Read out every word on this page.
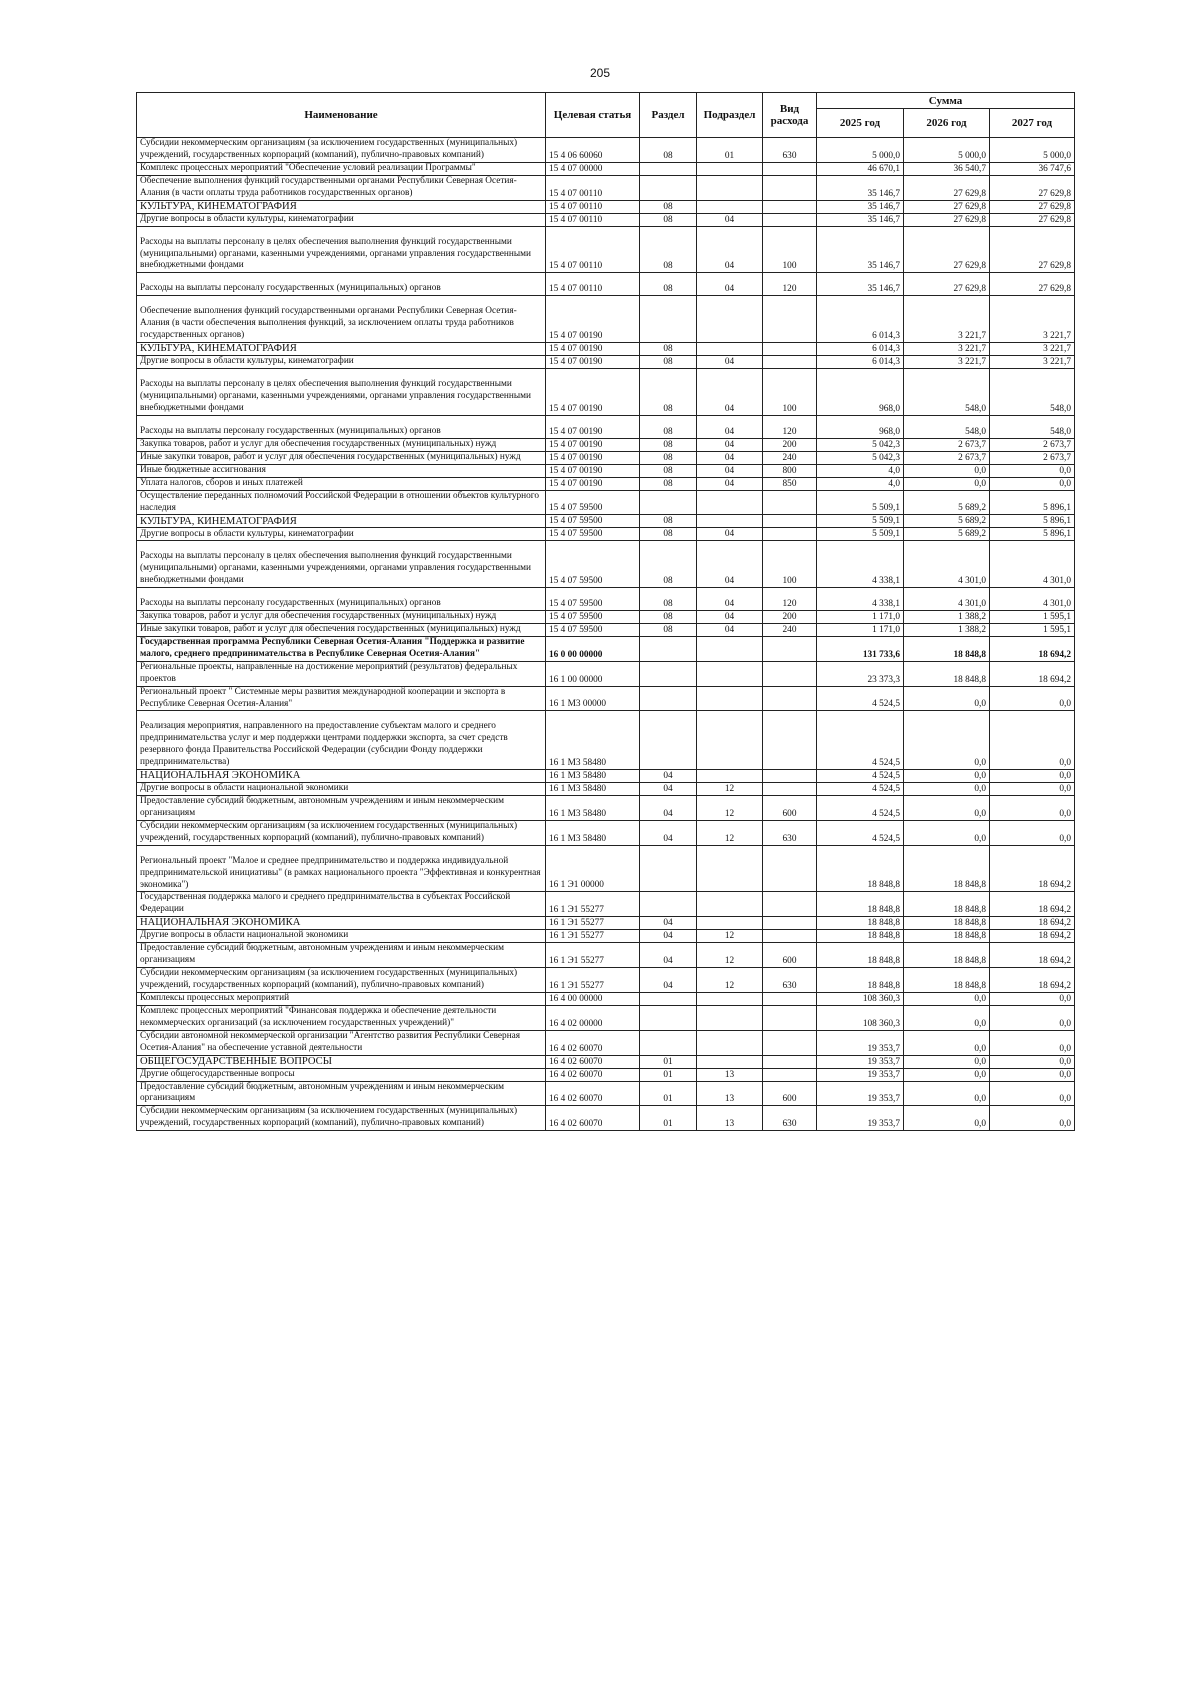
205
Наименование	Целевая статья	Раздел	Подраздел	Вид расхода	Сумма		
					2025 год	2026 год	2027 год
Субсидии некоммерческим организациям (за исключением государственных (муниципальных) учреждений, государственных корпораций (компаний), публично-правовых компаний)	15 4 06 60060	08	01	630	5 000,0	5 000,0	5 000,0
Комплекс процессных мероприятий "Обеспечение условий реализации Программы"	15 4 07 00000				46 670,1	36 540,7	36 747,6
Обеспечение выполнения функций государственными органами Республики Северная Осетия-Алания (в части оплаты труда работников государственных органов)	15 4 07 00110				35 146,7	27 629,8	27 629,8
КУЛЬТУРА, КИНЕМАТОГРАФИЯ	15 4 07 00110	08			35 146,7	27 629,8	27 629,8
Другие вопросы в области культуры, кинематографии	15 4 07 00110	08	04		35 146,7	27 629,8	27 629,8
Расходы на выплаты персоналу в целях обеспечения выполнения функций государственными (муниципальными) органами, казенными учреждениями, органами управления государственными внебюджетными фондами	15 4 07 00110	08	04	100	35 146,7	27 629,8	27 629,8
Расходы на выплаты персоналу государственных (муниципальных) органов	15 4 07 00110	08	04	120	35 146,7	27 629,8	27 629,8
Обеспечение выполнения функций государственными органами Республики Северная Осетия-Алания (в части обеспечения выполнения функций, за исключением оплаты труда работников государственных органов)	15 4 07 00190				6 014,3	3 221,7	3 221,7
КУЛЬТУРА, КИНЕМАТОГРАФИЯ	15 4 07 00190	08			6 014,3	3 221,7	3 221,7
Другие вопросы в области культуры, кинематографии	15 4 07 00190	08	04		6 014,3	3 221,7	3 221,7
Расходы на выплаты персоналу в целях обеспечения выполнения функций государственными (муниципальными) органами, казенными учреждениями, органами управления государственными внебюджетными фондами	15 4 07 00190	08	04	100	968,0	548,0	548,0
Расходы на выплаты персоналу государственных (муниципальных) органов	15 4 07 00190	08	04	120	968,0	548,0	548,0
Закупка товаров, работ и услуг для обеспечения государственных (муниципальных) нужд	15 4 07 00190	08	04	200	5 042,3	2 673,7	2 673,7
Иные закупки товаров, работ и услуг для обеспечения государственных (муниципальных) нужд	15 4 07 00190	08	04	240	5 042,3	2 673,7	2 673,7
Иные бюджетные ассигнования	15 4 07 00190	08	04	800	4,0	0,0	0,0
Уплата налогов, сборов и иных платежей	15 4 07 00190	08	04	850	4,0	0,0	0,0
Осуществление переданных полномочий Российской Федерации в отношении объектов культурного наследия	15 4 07 59500				5 509,1	5 689,2	5 896,1
КУЛЬТУРА, КИНЕМАТОГРАФИЯ	15 4 07 59500	08			5 509,1	5 689,2	5 896,1
Другие вопросы в области культуры, кинематографии	15 4 07 59500	08	04		5 509,1	5 689,2	5 896,1
Расходы на выплаты персоналу в целях обеспечения выполнения функций государственными (муниципальными) органами, казенными учреждениями, органами управления государственными внебюджетными фондами	15 4 07 59500	08	04	100	4 338,1	4 301,0	4 301,0
Расходы на выплаты персоналу государственных (муниципальных) органов	15 4 07 59500	08	04	120	4 338,1	4 301,0	4 301,0
Закупка товаров, работ и услуг для обеспечения государственных (муниципальных) нужд	15 4 07 59500	08	04	200	1 171,0	1 388,2	1 595,1
Иные закупки товаров, работ и услуг для обеспечения государственных (муниципальных) нужд	15 4 07 59500	08	04	240	1 171,0	1 388,2	1 595,1
Государственная программа Республики Северная Осетия-Алания "Поддержка и развитие малого, среднего предпринимательства в Республике Северная Осетия-Алания"	16 0 00 00000				131 733,6	18 848,8	18 694,2
Региональные проекты, направленные на достижение мероприятий (результатов) федеральных проектов	16 1 00 00000				23 373,3	18 848,8	18 694,2
Региональный проект " Системные меры развития международной кооперации и экспорта в Республике Северная Осетия-Алания"	16 1 М3 00000				4 524,5	0,0	0,0
Реализация мероприятия, направленного на предоставление субъектам малого и среднего предпринимательства услуг и мер поддержки центрами поддержки экспорта, за счет средств резервного фонда Правительства Российской Федерации (субсидии Фонду поддержки предпринимательства)	16 1 М3 58480				4 524,5	0,0	0,0
НАЦИОНАЛЬНАЯ ЭКОНОМИКА	16 1 М3 58480	04			4 524,5	0,0	0,0
Другие вопросы в области национальной экономики	16 1 М3 58480	04	12		4 524,5	0,0	0,0
Предоставление субсидий бюджетным, автономным учреждениям и иным некоммерческим организациям	16 1 М3 58480	04	12	600	4 524,5	0,0	0,0
Субсидии некоммерческим организациям (за исключением государственных (муниципальных) учреждений, государственных корпораций (компаний), публично-правовых компаний)	16 1 М3 58480	04	12	630	4 524,5	0,0	0,0
Региональный проект "Малое и среднее предпринимательство и поддержка индивидуальной предпринимательской инициативы" (в рамках национального проекта "Эффективная и конкурентная экономика")	16 1 Э1 00000				18 848,8	18 848,8	18 694,2
Государственная поддержка малого и среднего предпринимательства в субъектах Российской Федерации	16 1 Э1 55277				18 848,8	18 848,8	18 694,2
НАЦИОНАЛЬНАЯ ЭКОНОМИКА	16 1 Э1 55277	04			18 848,8	18 848,8	18 694,2
Другие вопросы в области национальной экономики	16 1 Э1 55277	04	12		18 848,8	18 848,8	18 694,2
Предоставление субсидий бюджетным, автономным учреждениям и иным некоммерческим организациям	16 1 Э1 55277	04	12	600	18 848,8	18 848,8	18 694,2
Субсидии некоммерческим организациям (за исключением государственных (муниципальных) учреждений, государственных корпораций (компаний), публично-правовых компаний)	16 1 Э1 55277	04	12	630	18 848,8	18 848,8	18 694,2
Комплексы процессных мероприятий	16 4 00 00000				108 360,3	0,0	0,0
Комплекс процессных мероприятий "Финансовая поддержка и обеспечение деятельности некоммерческих организаций (за исключением государственных учреждений)"	16 4 02 00000				108 360,3	0,0	0,0
Субсидии автономной некоммерческой организации "Агентство развития Республики Северная Осетия-Алания" на обеспечение уставной деятельности	16 4 02 60070				19 353,7	0,0	0,0
ОБЩЕГОСУДАРСТВЕННЫЕ ВОПРОСЫ	16 4 02 60070	01			19 353,7	0,0	0,0
Другие общегосударственные вопросы	16 4 02 60070	01	13		19 353,7	0,0	0,0
Предоставление субсидий бюджетным, автономным учреждениям и иным некоммерческим организациям	16 4 02 60070	01	13	600	19 353,7	0,0	0,0
Субсидии некоммерческим организациям (за исключением государственных (муниципальных) учреждений, государственных корпораций (компаний), публично-правовых компаний)	16 4 02 60070	01	13	630	19 353,7	0,0	0,0
